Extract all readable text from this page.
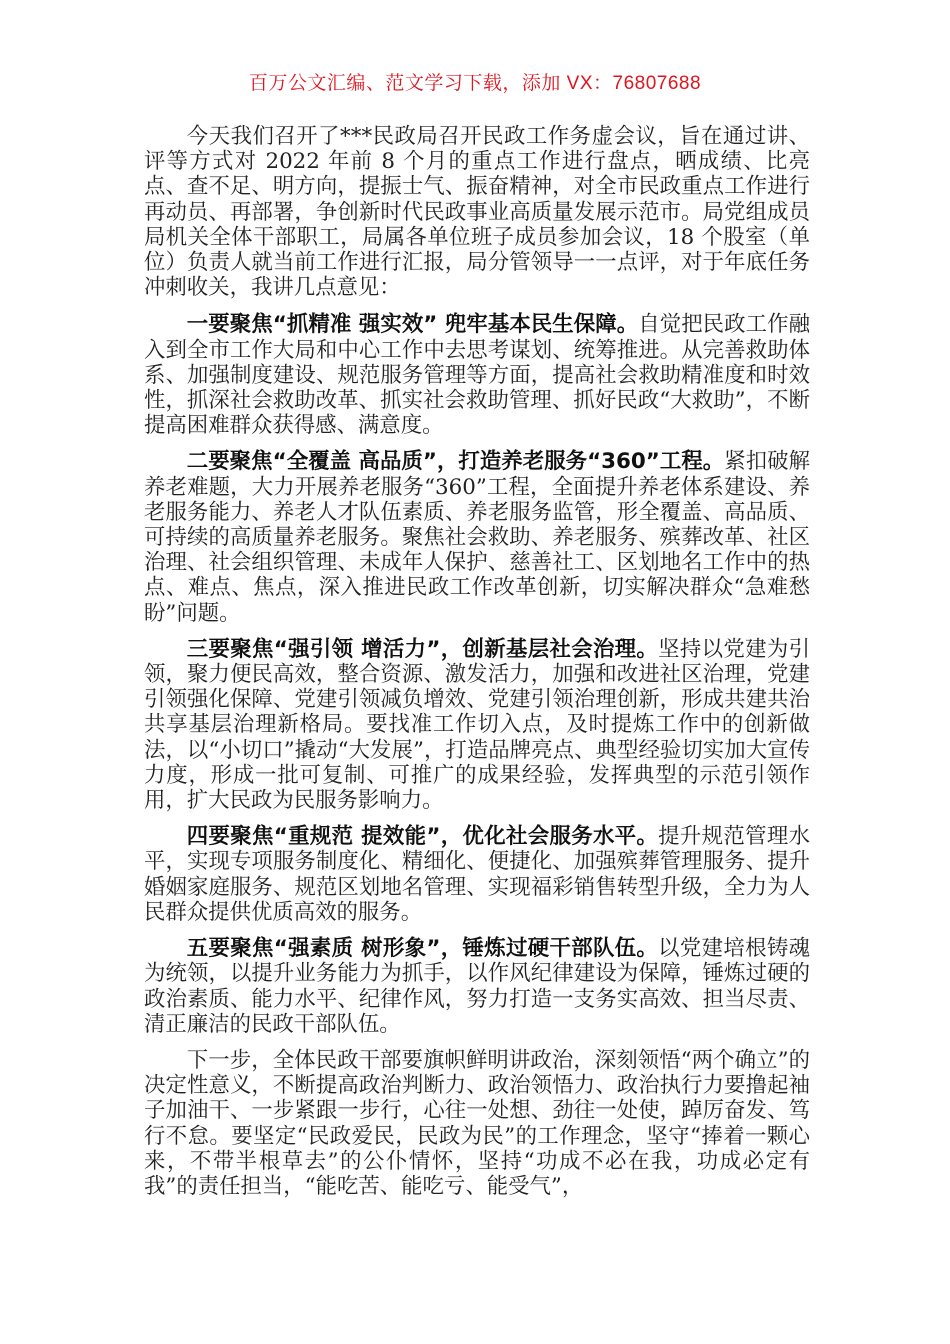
百万公文汇编、范文学习下载，添加 VX：76807688

今天我们召开了***民政局召开民政工作务虚会议，旨在通过讲、评等方式对 2022 年前 8 个月的重点工作进行盘点，晒成绩、比亮点、查不足、明方向，提振士气、振奋精神，对全市民政重点工作进行再动员、再部署，争创新时代民政事业高质量发展示范市。局党组成员局机关全体干部职工，局属各单位班子成员参加会议，18 个股室（单位）负责人就当前工作进行汇报，局分管领导一一点评，对于年底任务冲刺收关，我讲几点意见：

一要聚焦“抓精准 强实效” 兜牢基本民生保障。自觉把民政工作融入到全市工作大局和中心工作中去思考谋划、统筹推进。从完善救助体系、加强制度建设、规范服务管理等方面，提高社会救助精准度和时效性，抓深社会救助改革、抓实社会救助管理、抓好民政“大救助”，不断提高困难群众获得感、满意度。

二要聚焦“全覆盖 高品质”，打造养老服务“360”工程。紧扣破解养老难题，大力开展养老服务“360”工程，全面提升养老体系建设、养老服务能力、养老人才队伍素质、养老服务监管，形全覆盖、高品质、可持续的高质量养老服务。聚焦社会救助、养老服务、殡葬改革、社区治理、社会组织管理、未成年人保护、慈善社工、区划地名工作中的热点、难点、焦点，深入推进民政工作改革创新，切实解决群众“急难愁盼”问题。

三要聚焦“强引领 增活力”，创新基层社会治理。坚持以党建为引领，聚力便民高效，整合资源、激发活力，加强和改进社区治理，党建引领强化保障、党建引领减负增效、党建引领治理创新，形成共建共治共享基层治理新格局。要找准工作切入点，及时提炼工作中的创新做法，以“小切口”撬动“大发展”，打造品牌亮点、典型经验切实加大宣传力度，形成一批可复制、可推广的成果经验，发挥典型的示范引领作用，扩大民政为民服务影响力。

四要聚焦“重规范 提效能”，优化社会服务水平。提升规范管理水平，实现专项服务制度化、精细化、便捷化、加强殡葬管理服务、提升婚姻家庭服务、规范区划地名管理、实现福彩销售转型升级，全力为人民群众提供优质高效的服务。

五要聚焦“强素质 树形象”，锤炼过硬干部队伍。以党建培根铸魂为统领，以提升业务能力为抓手，以作风纪律建设为保障，锤炼过硬的政治素质、能力水平、纪律作风，努力打造一支务实高效、担当尽责、清正廉洁的民政干部队伍。

下一步，全体民政干部要旗帜鲜明讲政治，深刻领悟“两个确立”的决定性意义，不断提高政治判断力、政治领悟力、政治执行力要撸起袖子加油干、一步紧跟一步行，心往一处想、劲往一处使，踔厉奋发、笃行不怠。要坚定“民政爱民，民政为民”的工作理念，坚守“捧着一颗心来，不带半根草去”的公仆情怀，坚持“功成不必在我，功成必定有我”的责任担当，“能吃苦、能吃亏、能受气”，
